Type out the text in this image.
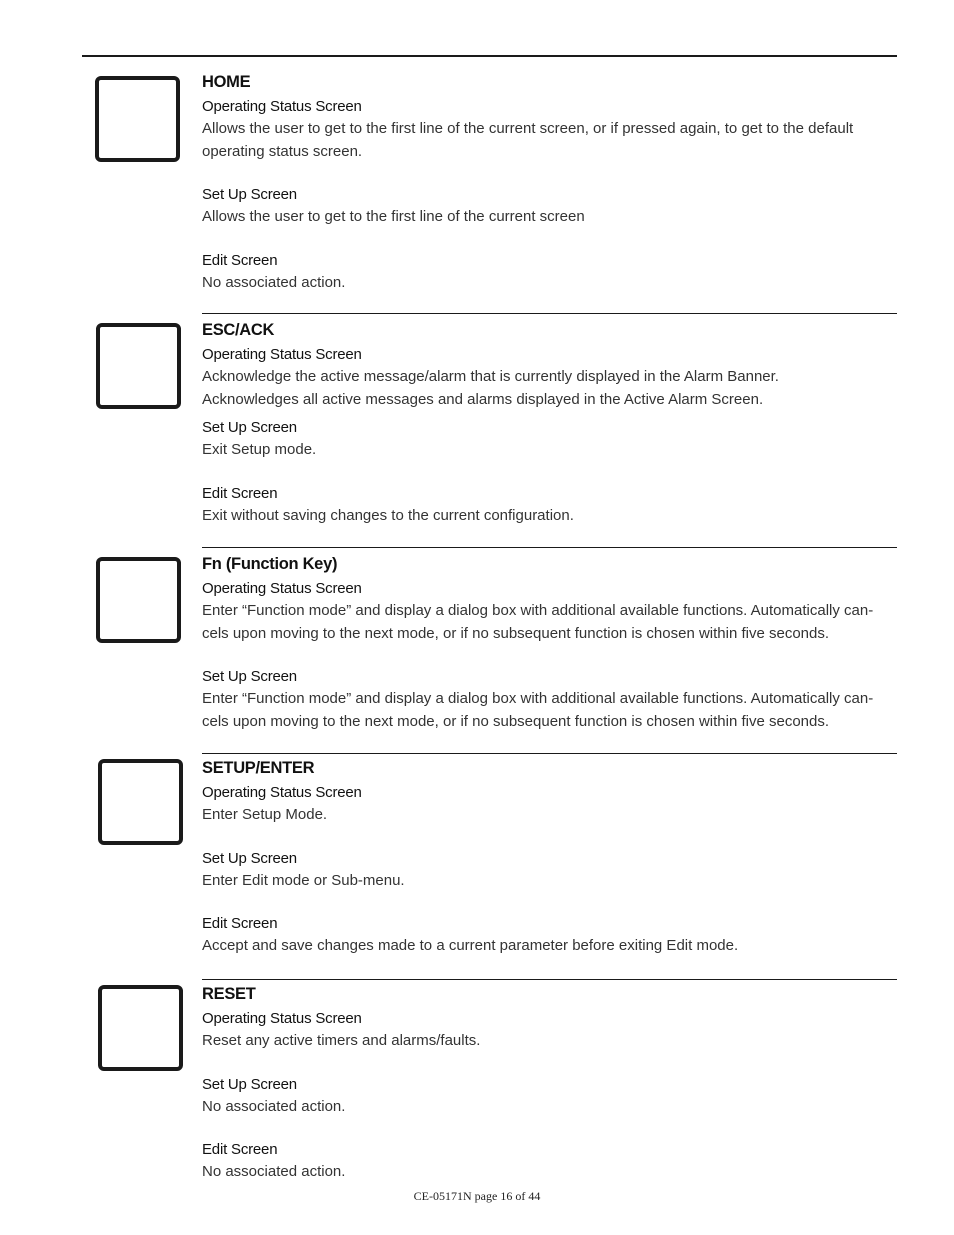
HOME
Operating Status Screen
Allows the user to get to the first line of the current screen, or if pressed again, to get to the default operating status screen.
Set Up Screen
Allows the user to get to the first line of the current screen
Edit Screen
No associated action.
ESC/ACK
Operating Status Screen
Acknowledge the active message/alarm that is currently displayed in the Alarm Banner.
Acknowledges all active messages and alarms displayed in the Active Alarm Screen.
Set Up Screen
Exit Setup mode.
Edit Screen
Exit without saving changes to the current configuration.
Fn (Function Key)
Operating Status Screen
Enter “Function mode” and display a dialog box with additional available functions. Automatically can-cels upon moving to the next mode, or if no subsequent function is chosen within five seconds.
Set Up Screen
Enter “Function mode” and display a dialog box with additional available functions. Automatically can-cels upon moving to the next mode, or if no subsequent function is chosen within five seconds.
SETUP/ENTER
Operating Status Screen
Enter Setup Mode.
Set Up Screen
Enter Edit mode or Sub-menu.
Edit Screen
Accept and save changes made to a current parameter before exiting Edit mode.
RESET
Operating Status Screen
Reset any active timers and alarms/faults.
Set Up Screen
No associated action.
Edit Screen
No associated action.
CE-05171N page 16 of 44
